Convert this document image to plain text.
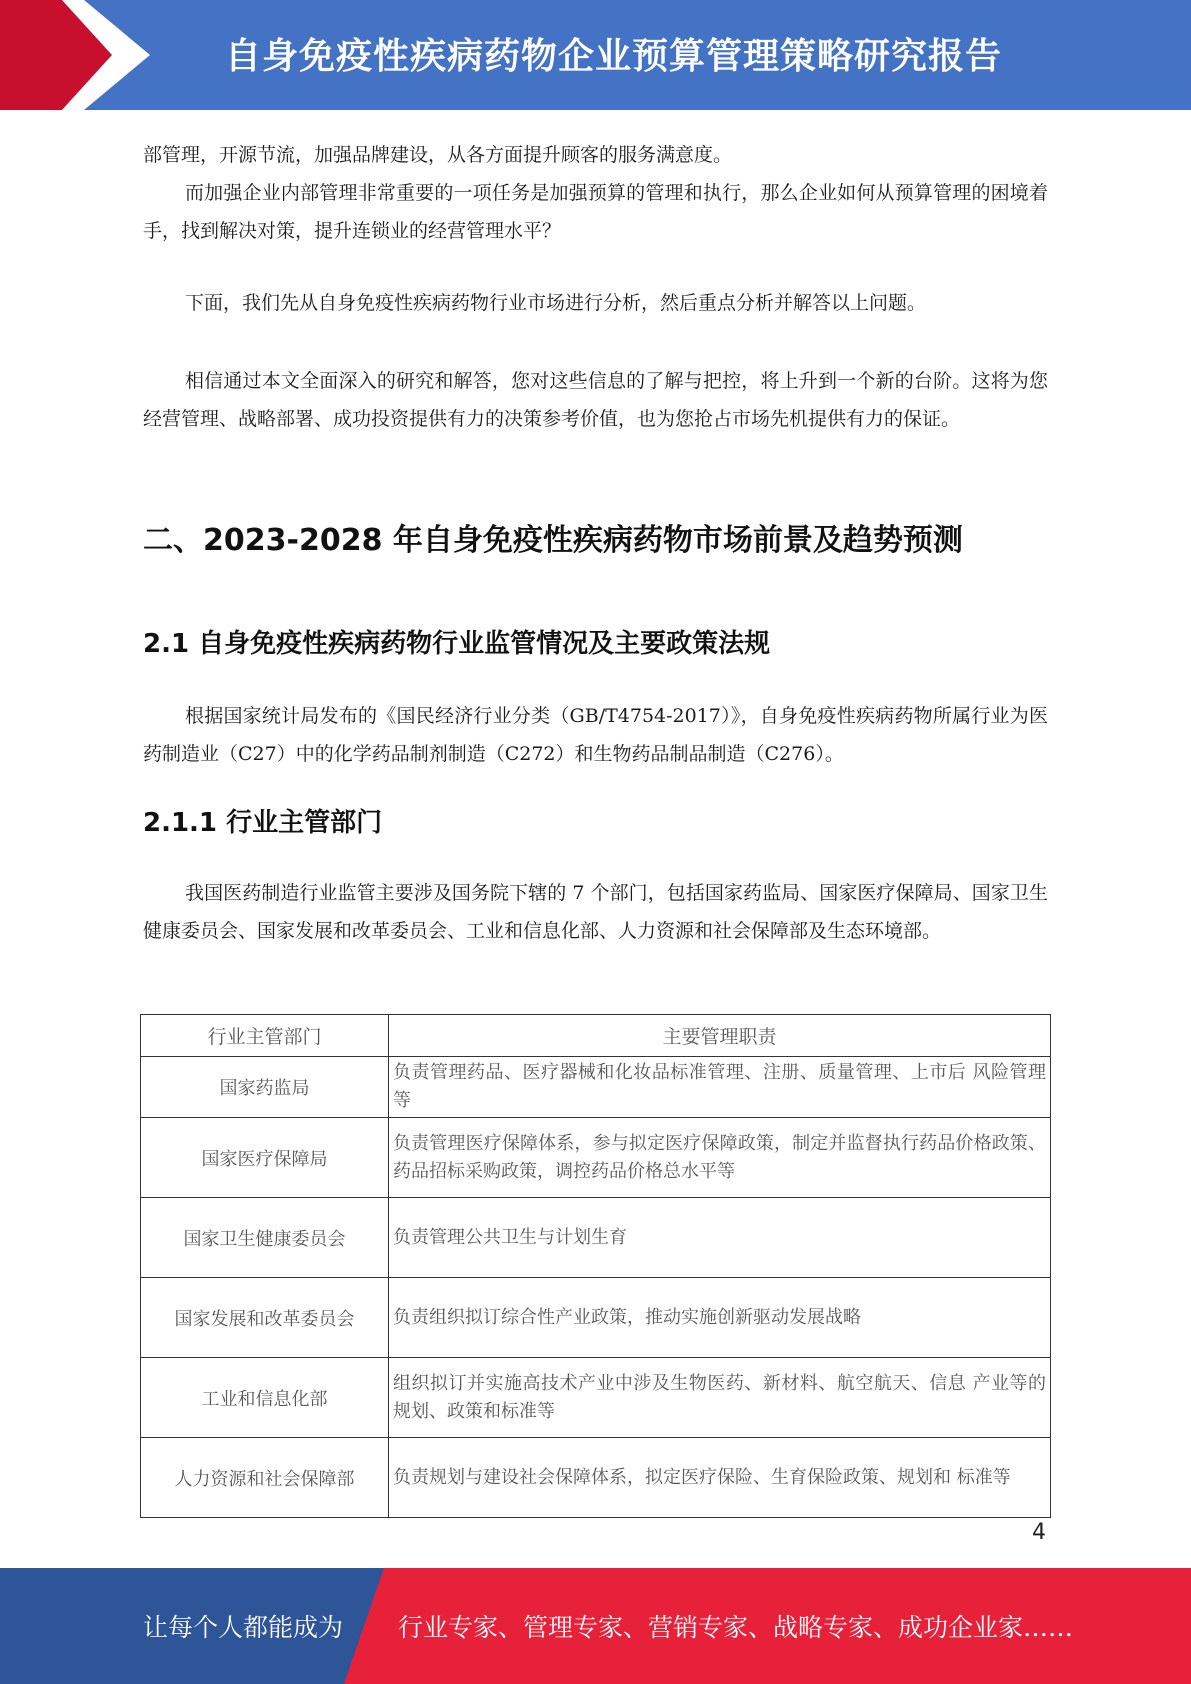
自身免疫性疾病药物企业预算管理策略研究报告
部管理，开源节流，加强品牌建设，从各方面提升顾客的服务满意度。
而加强企业内部管理非常重要的一项任务是加强预算的管理和执行，那么企业如何从预算管理的困境着手，找到解决对策，提升连锁业的经营管理水平？
下面，我们先从自身免疫性疾病药物行业市场进行分析，然后重点分析并解答以上问题。
相信通过本文全面深入的研究和解答，您对这些信息的了解与把控，将上升到一个新的台阶。这将为您经营管理、战略部署、成功投资提供有力的决策参考价值，也为您抢占市场先机提供有力的保证。
二、2023-2028 年自身免疫性疾病药物市场前景及趋势预测
2.1 自身免疫性疾病药物行业监管情况及主要政策法规
根据国家统计局发布的《国民经济行业分类（GB/T4754-2017）》，自身免疫性疾病药物所属行业为医药制造业（C27）中的化学药品制剂制造（C272）和生物药品制品制造（C276）。
2.1.1 行业主管部门
我国医药制造行业监管主要涉及国务院下辖的 7 个部门，包括国家药监局、国家医疗保障局、国家卫生健康委员会、国家发展和改革委员会、工业和信息化部、人力资源和社会保障部及生态环境部。
行业主管部门	主要管理职责
国家药监局	负责管理药品、医疗器械和化妆品标准管理、注册、质量管理、上市后 风险管理等
国家医疗保障局	负责管理医疗保障体系，参与拟定医疗保障政策，制定并监督执行药品价格政策、药品招标采购政策，调控药品价格总水平等
国家卫生健康委员会	负责管理公共卫生与计划生育
国家发展和改革委员会	负责组织拟订综合性产业政策，推动实施创新驱动发展战略
工业和信息化部	组织拟订并实施高技术产业中涉及生物医药、新材料、航空航天、信息 产业等的规划、政策和标准等
人力资源和社会保障部	负责规划与建设社会保障体系，拟定医疗保险、生育保险政策、规划和 标准等
4
让每个人都能成为 行业专家、管理专家、营销专家、战略专家、成功企业家……
